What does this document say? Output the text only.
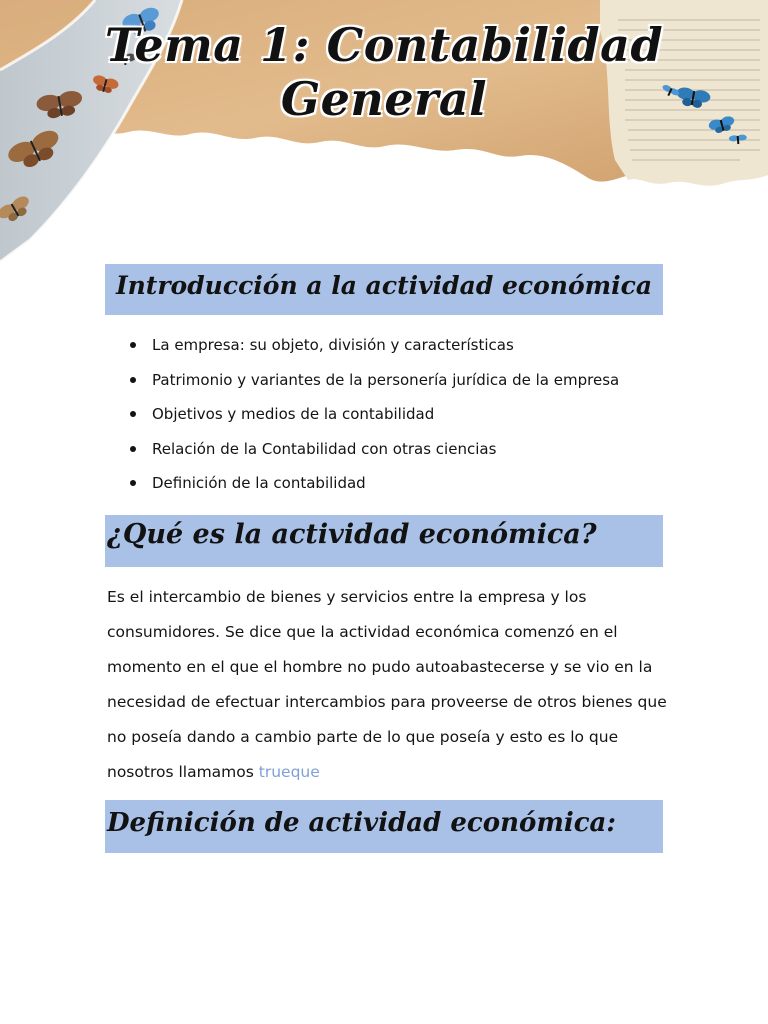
Tema 1: Contabilidad General
Introducción a la actividad económica
La empresa: su objeto, división y características
Patrimonio y variantes de la personería jurídica de la empresa
Objetivos y medios de la contabilidad
Relación de la Contabilidad con otras ciencias
Definición de la contabilidad
¿Qué es la actividad económica?

Es el intercambio de bienes y servicios entre la empresa y los consumidores. Se dice que la actividad económica comenzó en el momento en el que el hombre no pudo autoabastecerse y se vio en la necesidad de efectuar intercambios para proveerse de otros bienes que no poseía dando a cambio parte de lo que poseía y esto es lo que nosotros llamamos trueque

Definición de actividad económica:
